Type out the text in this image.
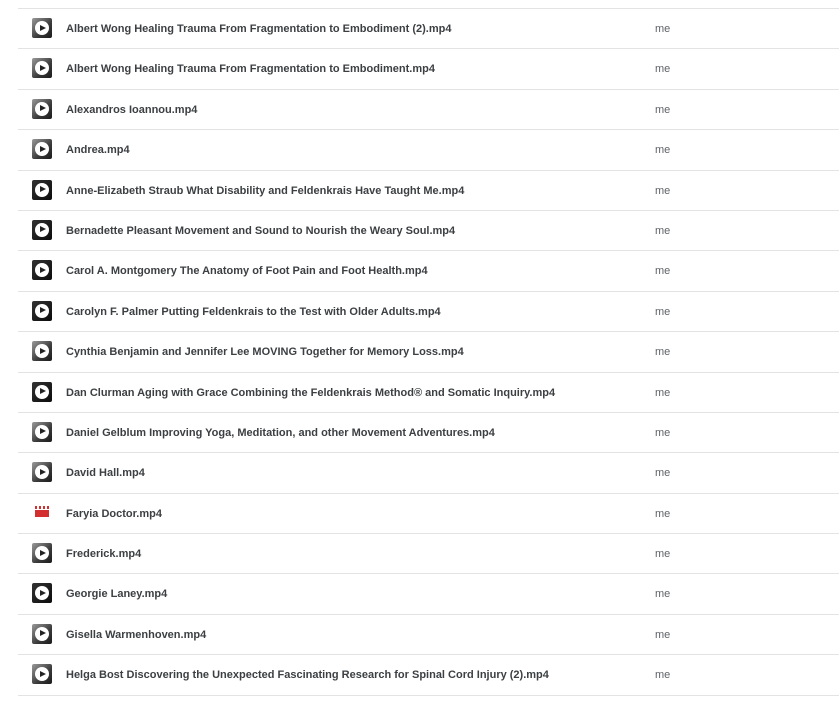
Albert Wong Healing Trauma From Fragmentation to Embodiment (2).mp4	me
Albert Wong Healing Trauma From Fragmentation to Embodiment.mp4	me
Alexandros Ioannou.mp4	me
Andrea.mp4	me
Anne-Elizabeth Straub What Disability and Feldenkrais Have Taught Me.mp4	me
Bernadette Pleasant Movement and Sound to Nourish the Weary Soul.mp4	me
Carol A. Montgomery The Anatomy of Foot Pain and Foot Health.mp4	me
Carolyn F. Palmer Putting Feldenkrais to the Test with Older Adults.mp4	me
Cynthia Benjamin and Jennifer Lee MOVING Together for Memory Loss.mp4	me
Dan Clurman Aging with Grace Combining the Feldenkrais Method® and Somatic Inquiry.mp4	me
Daniel Gelblum Improving Yoga, Meditation, and other Movement Adventures.mp4	me
David Hall.mp4	me
Faryia Doctor.mp4	me
Frederick.mp4	me
Georgie Laney.mp4	me
Gisella Warmenhoven.mp4	me
Helga Bost Discovering the Unexpected Fascinating Research for Spinal Cord Injury (2).mp4	me
